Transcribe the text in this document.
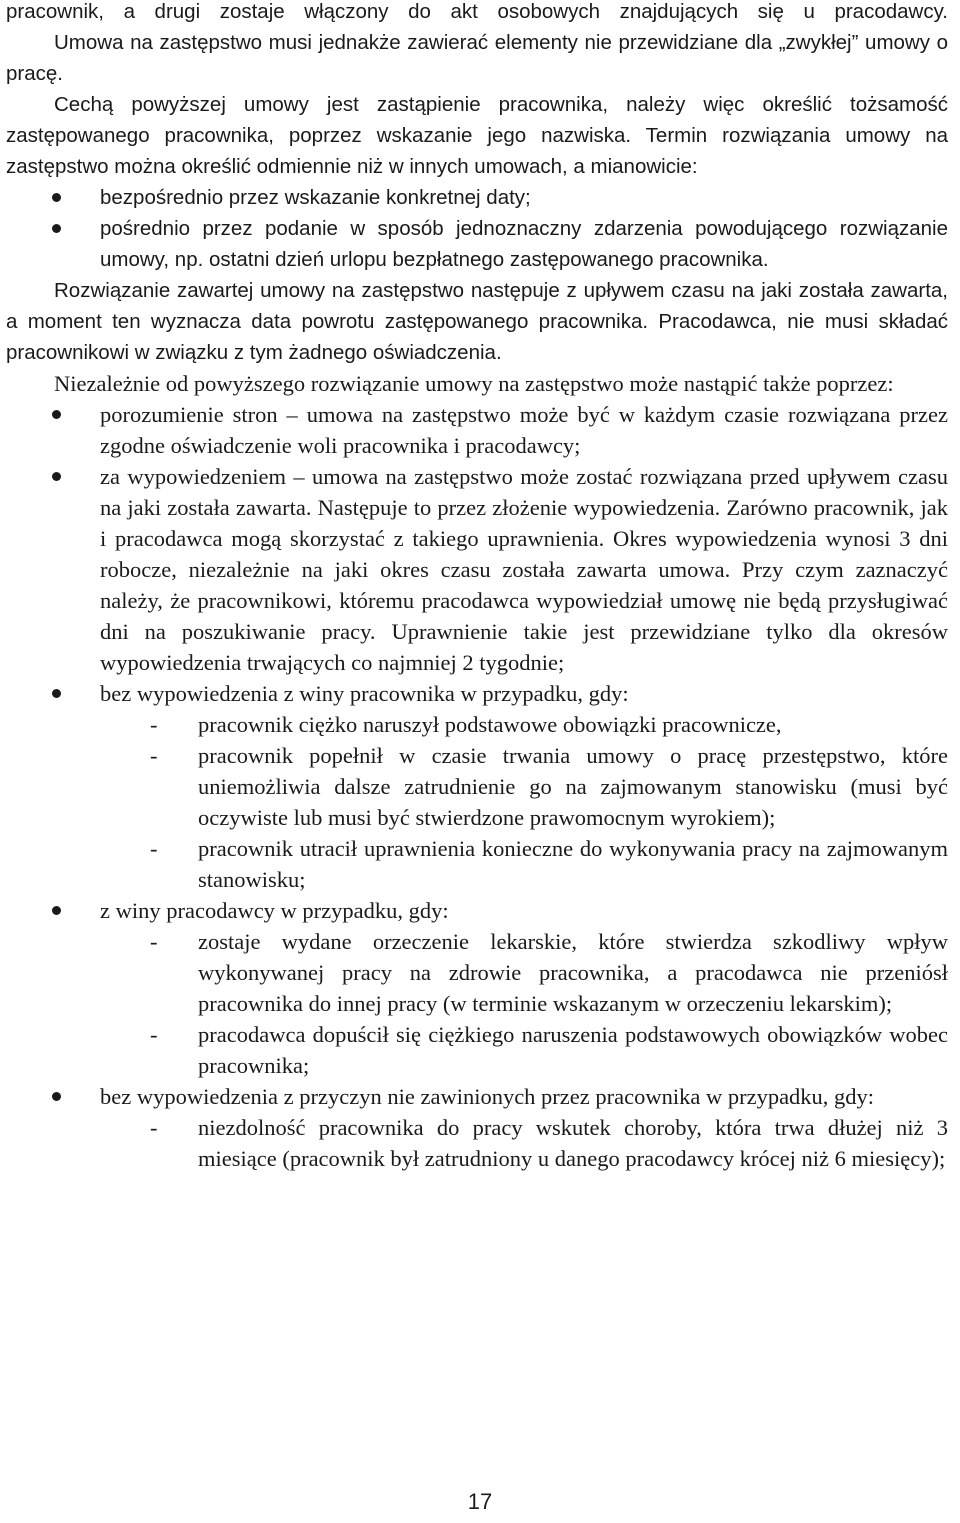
pracownik, a drugi zostaje włączony do akt osobowych znajdujących się u pracodawcy.
Umowa na zastępstwo musi jednakże zawierać elementy nie przewidziane dla „zwykłej” umowy o pracę.
Cechą powyższej umowy jest zastąpienie pracownika, należy więc określić tożsamość zastępowanego pracownika, poprzez wskazanie jego nazwiska. Termin rozwiązania umowy na zastępstwo można określić odmiennie niż w innych umowach, a mianowicie:
bezpośrednio przez wskazanie konkretnej daty;
pośrednio przez podanie w sposób jednoznaczny zdarzenia powodującego rozwiązanie umowy, np. ostatni dzień urlopu bezpłatnego zastępowanego pracownika.
Rozwiązanie zawartej umowy na zastępstwo następuje z upływem czasu na jaki została zawarta, a moment ten wyznacza data powrotu zastępowanego pracownika. Pracodawca, nie musi składać pracownikowi w związku z tym żadnego oświadczenia.
Niezależnie od powyższego rozwiązanie umowy na zastępstwo może nastąpić także poprzez:
porozumienie stron – umowa na zastępstwo może być w każdym czasie rozwiązana przez zgodne oświadczenie woli pracownika i pracodawcy;
za wypowiedzeniem – umowa na zastępstwo może zostać rozwiązana przed upływem czasu na jaki została zawarta. Następuje to przez złożenie wypowiedzenia. Zarówno pracownik, jak i pracodawca mogą skorzystać z takiego uprawnienia. Okres wypowiedzenia wynosi 3 dni robocze, niezależnie na jaki okres czasu została zawarta umowa. Przy czym zaznaczyć należy, że pracownikowi, któremu pracodawca wypowiedział umowę nie będą przysługiwać dni na poszukiwanie pracy. Uprawnienie takie jest przewidziane tylko dla okresów wypowiedzenia trwających co najmniej 2 tygodnie;
bez wypowiedzenia z winy pracownika w przypadku, gdy:
- pracownik ciężko naruszył podstawowe obowiązki pracownicze,
- pracownik popełnił w czasie trwania umowy o pracę przestępstwo, które uniemożliwia dalsze zatrudnienie go na zajmowanym stanowisku (musi być oczywiste lub musi być stwierdzone prawomocnym wyrokiem);
- pracownik utracił uprawnienia konieczne do wykonywania pracy na zajmowanym stanowisku;
z winy pracodawcy w przypadku, gdy:
- zostaje wydane orzeczenie lekarskie, które stwierdza szkodliwy wpływ wykonywanej pracy na zdrowie pracownika, a pracodawca nie przeniósł pracownika do innej pracy (w terminie wskazanym w orzeczeniu lekarskim);
- pracodawca dopuścił się ciężkiego naruszenia podstawowych obowiązków wobec pracownika;
bez wypowiedzenia z przyczyn nie zawinionych przez pracownika w przypadku, gdy:
- niezdolność pracownika do pracy wskutek choroby, która trwa dłużej niż 3 miesiące (pracownik był zatrudniony u danego pracodawcy krócej niż 6 miesięcy);
17
